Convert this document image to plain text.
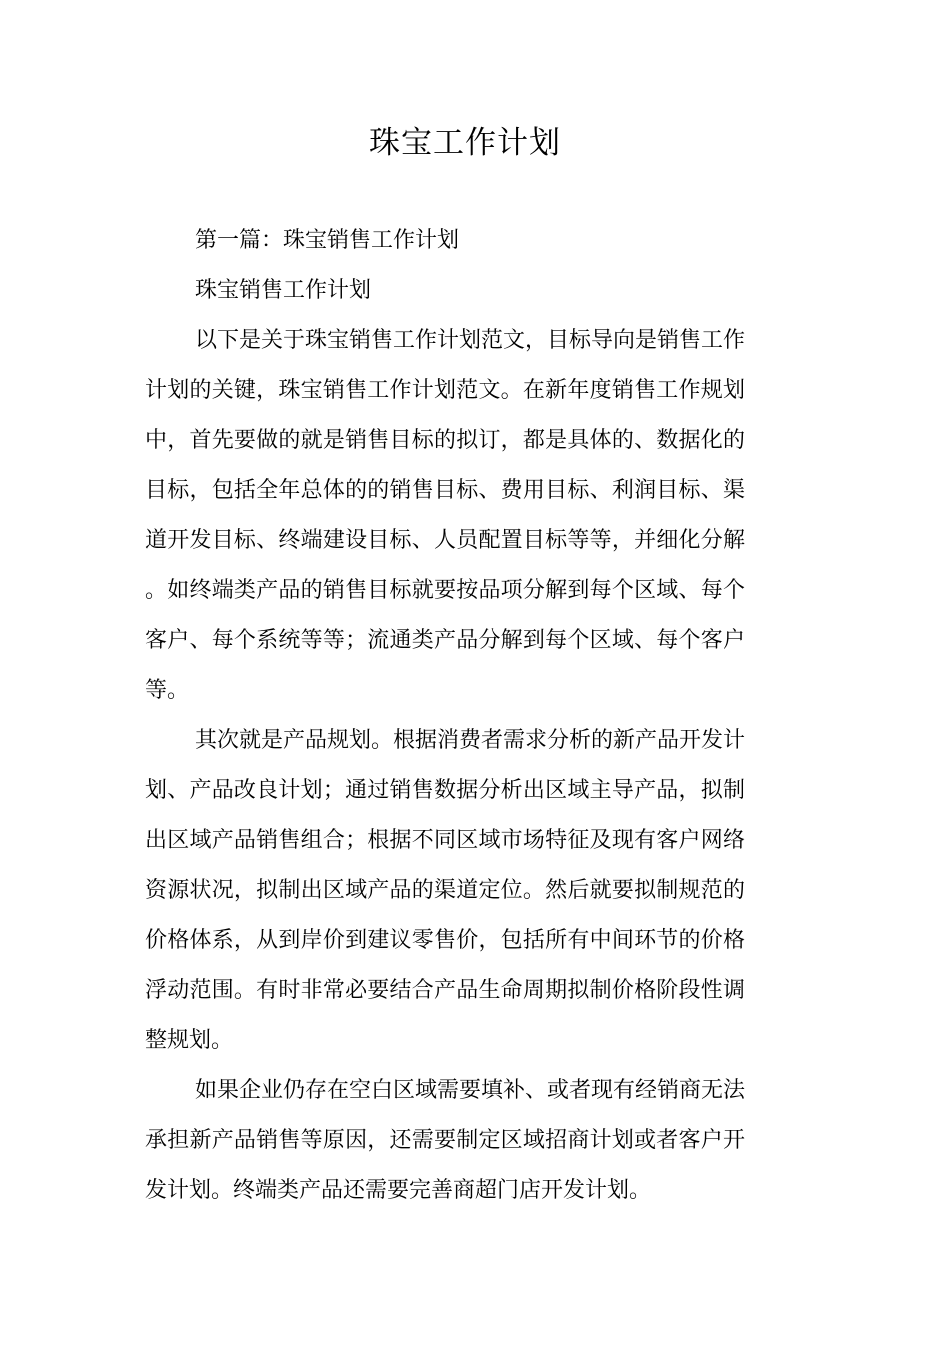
珠宝工作计划

第一篇：珠宝销售工作计划

珠宝销售工作计划

以下是关于珠宝销售工作计划范文，目标导向是销售工作计划的关键，珠宝销售工作计划范文。在新年度销售工作规划中，首先要做的就是销售目标的拟订，都是具体的、数据化的目标，包括全年总体的的销售目标、费用目标、利润目标、渠道开发目标、终端建设目标、人员配置目标等等，并细化分解。如终端类产品的销售目标就要按品项分解到每个区域、每个客户、每个系统等等；流通类产品分解到每个区域、每个客户等。

其次就是产品规划。根据消费者需求分析的新产品开发计划、产品改良计划；通过销售数据分析出区域主导产品，拟制出区域产品销售组合；根据不同区域市场特征及现有客户网络资源状况，拟制出区域产品的渠道定位。然后就要拟制规范的价格体系，从到岸价到建议零售价，包括所有中间环节的价格浮动范围。有时非常必要结合产品生命周期拟制价格阶段性调整规划。

如果企业仍存在空白区域需要填补、或者现有经销商无法承担新产品销售等原因，还需要制定区域招商计划或者客户开发计划。终端类产品还需要完善商超门店开发计划。
